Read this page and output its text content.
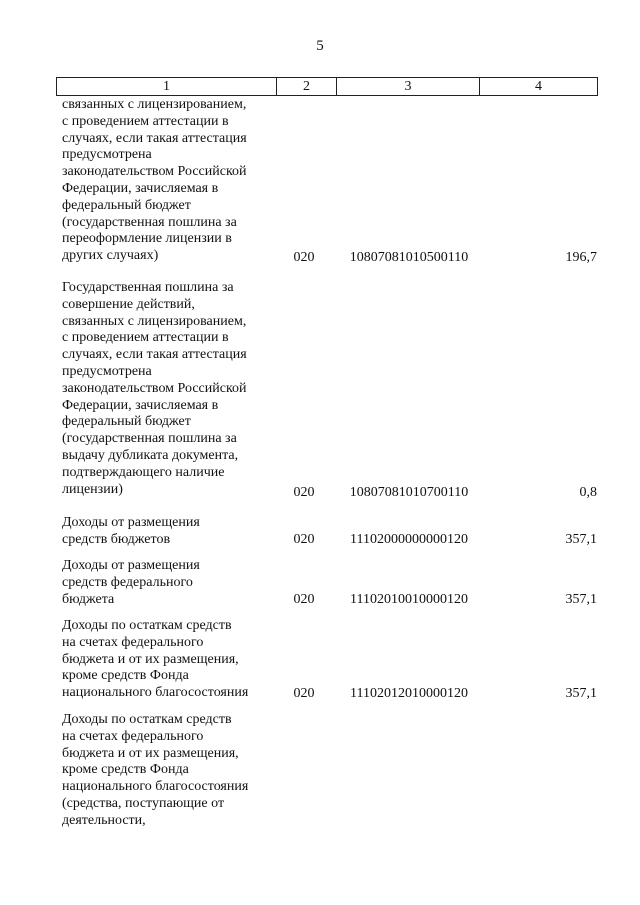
5
1	2	3	4
связанных с лицензированием,
с проведением аттестации в
случаях, если такая аттестация
предусмотрена
законодательством Российской
Федерации, зачисляемая в
федеральный бюджет
(государственная пошлина за
переоформление лицензии в
других случаях)	020	10807081010500110	196,7
Государственная пошлина за
совершение действий,
связанных с лицензированием,
с проведением аттестации в
случаях, если такая аттестация
предусмотрена
законодательством Российской
Федерации, зачисляемая в
федеральный бюджет
(государственная пошлина за
выдачу дубликата документа,
подтверждающего наличие
лицензии)	020	10807081010700110	0,8
Доходы от размещения
средств бюджетов	020	11102000000000120	357,1
Доходы от размещения
средств федерального
бюджета	020	11102010010000120	357,1
Доходы по остаткам средств
на счетах федерального
бюджета и от их размещения,
кроме средств Фонда
национального благосостояния	020	11102012010000120	357,1
Доходы по остаткам средств
на счетах федерального
бюджета и от их размещения,
кроме средств Фонда
национального благосостояния
(средства, поступающие от
деятельности,
